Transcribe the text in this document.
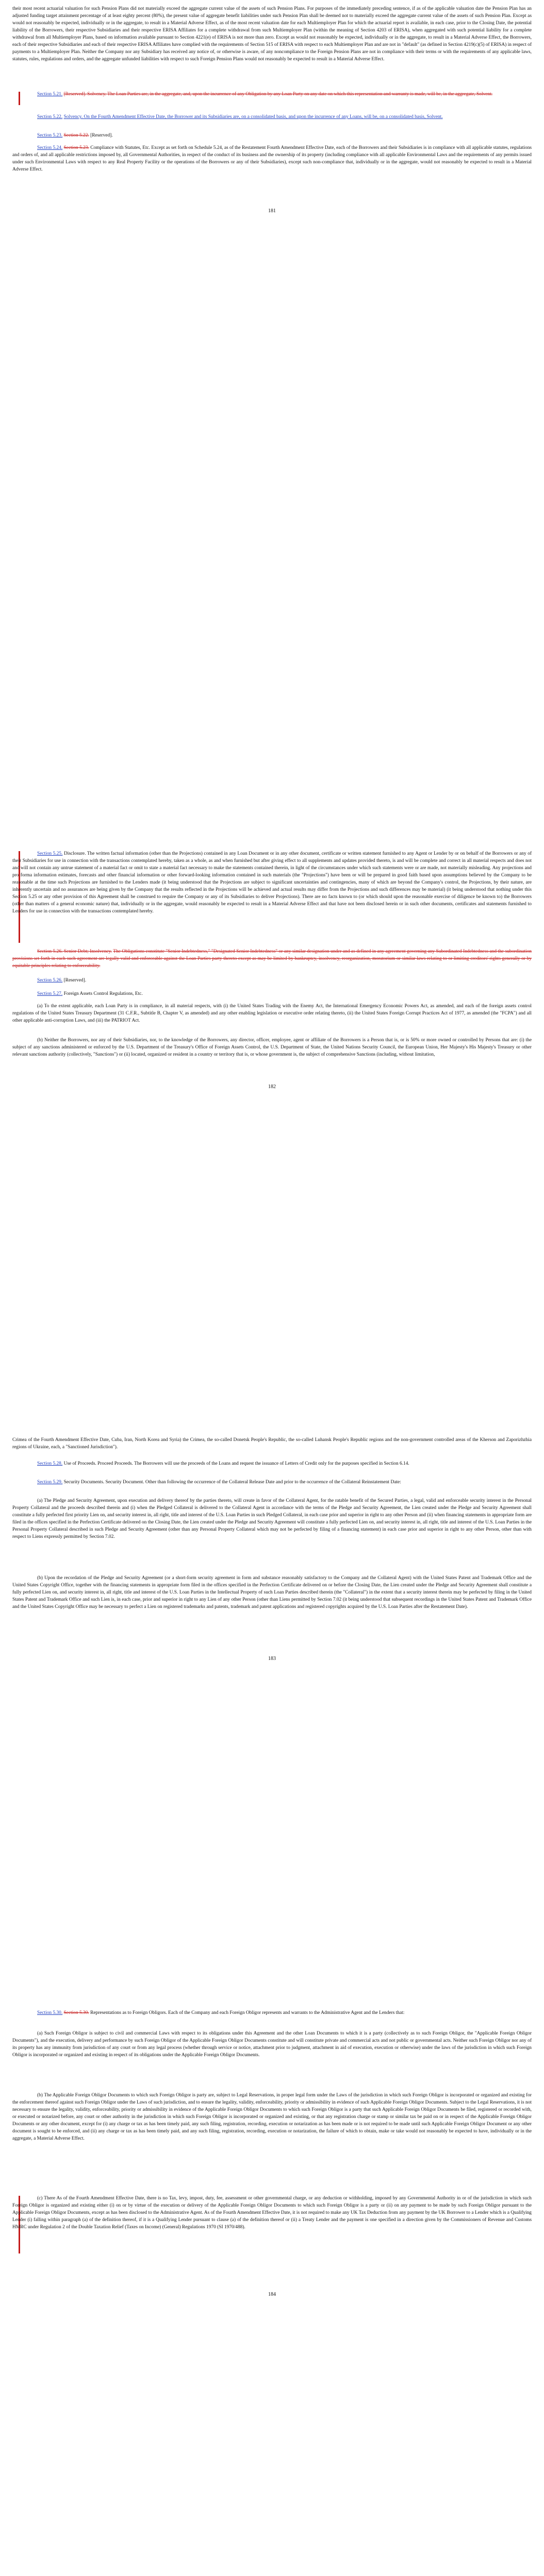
their most recent actuarial valuation for such Pension Plans did not materially exceed the aggregate current value of the assets of such Pension Plans. For purposes of the immediately preceding sentence, if as of the applicable valuation date the Pension Plan has an adjusted funding target attainment percentage of at least eighty percent (80%), the present value of aggregate benefit liabilities under such Pension Plan shall be deemed not to materially exceed the aggregate current value of the assets of such Pension Plan. Except as would not reasonably be expected, individually or in the aggregate, to result in a Material Adverse Effect, as of the most recent valuation date for each Multiemployer Plan for which the actuarial report is available, in each case, prior to the Closing Date, the potential liability of the Borrowers, their respective Subsidiaries and their respective ERISA Affiliates for a complete withdrawal from such Multiemployer Plan (within the meaning of Section 4203 of ERISA), when aggregated with such potential liability for a complete withdrawal from all Multiemployer Plans, based on information available pursuant to Section 4221(e) of ERISA is not more than zero. Except as would not reasonably be expected, individually or in the aggregate, to result in a Material Adverse Effect, the Borrowers, each of their respective Subsidiaries and each of their respective ERISA Affiliates have complied with the requirements of Section 515 of ERISA with respect to each Multiemployer Plan and are not in "default" (as defined in Section 4219(c)(5) of ERISA) in respect of payments to a Multiemployer Plan. Neither the Company nor any Subsidiary has received any notice of, or otherwise is aware, of any noncompliance to the Foreign Pension Plans are not in compliance with their terms or with the requirements of any applicable laws, statutes, rules, regulations and orders, and the aggregate unfunded liabilities with respect to such Foreign Pension Plans would not reasonably be expected to result in a Material Adverse Effect.

Section 5.21. [Reserved]. Solvency. The Loan Parties are, in the aggregate, and, upon the incurrence of any Obligation by any Loan Party on any date on which this representation and warranty is made, will be, in the aggregate, Solvent.

Section 5.22. Solvency. On the Fourth Amendment Effective Date, the Borrower and its Subsidiaries are, on a consolidated basis, and upon the incurrence of any Loans, will be, on a consolidated basis, Solvent.

Section 5.23. Section 5.22. [Reserved].

Section 5.24. Section 5.23. Compliance with Statutes, Etc. Except as set forth on Schedule 5.24, as of the Restatement Fourth Amendment Effective Date, each of the Borrowers and their Subsidiaries is in compliance with all applicable statutes, regulations and orders of, and all applicable restrictions imposed by, all Governmental Authorities, in respect of the conduct of its business and the ownership of its property (including compliance with all applicable Environmental Laws and the requirements of any permits issued under such Environmental Laws with respect to any Real Property Facility or the operations of the Borrowers or any of their Subsidiaries), except such non-compliance that, individually or in the aggregate, would not reasonably be expected to result in a Material Adverse Effect.

181

Section 5.25. Disclosure. The written factual information (other than the Projections) contained in any Loan Document or in any other document, certificate or written statement furnished to any Agent or Lender by or on behalf of the Borrowers or any of their Subsidiaries for use in connection with the transactions contemplated hereby, taken as a whole, as and when furnished but after giving effect to all supplements and updates provided thereto, is and will be complete and correct in all material respects and does not and will not contain any untrue statement of a material fact or omit to state a material fact necessary to make the statements contained therein, in light of the circumstances under which such statements were or are made, not materially misleading. Any projections and pro forma information estimates, forecasts and other financial information or other forward-looking information contained in such materials (the "Projections") have been or will be prepared in good faith based upon assumptions believed by the Company to be reasonable at the time such Projections are furnished to the Lenders made (it being understood that the Projections are subject to significant uncertainties and contingencies, many of which are beyond the Company's control, the Projections, by their nature, are inherently uncertain and no assurances are being given by the Company that the results reflected in the Projections will be achieved and actual results may differ from the Projections and such differences may be material) (it being understood that nothing under this Section 5.25 or any other provision of this Agreement shall be construed to require the Company or any of its Subsidiaries to deliver Projections). There are no facts known to (or which should upon the reasonable exercise of diligence be known to) the Borrowers (other than matters of a general economic nature) that, individually or in the aggregate, would reasonably be expected to result in a Material Adverse Effect and that have not been disclosed herein or in such other documents, certificates and statements furnished to Lenders for use in connection with the transactions contemplated hereby.

Section 5.26. Senior Debt; Insolvency. The Obligations constitute "Senior Indebtedness," "Designated Senior Indebtedness" or any similar designation under and as defined in any agreement governing any Subordinated Indebtedness and the subordination provisions set forth in each such agreement are legally valid and enforceable against the Loan Parties party thereto except as may be limited by bankruptcy, insolvency, reorganization, moratorium or similar laws relating to or limiting creditors' rights generally or by equitable principles relating to enforceability.

Section 5.26. [Reserved].

Section 5.27. Foreign Assets Control Regulations, Etc.

(a) To the extent applicable, each Loan Party is in compliance, in all material respects, with (i) the United States Trading with the Enemy Act, the International Emergency Economic Powers Act, as amended, and each of the foreign assets control regulations of the United States Treasury Department (31 C.F.R., Subtitle B, Chapter V, as amended) and any other enabling legislation or executive order relating thereto, (ii) the United States Foreign Corrupt Practices Act of 1977, as amended (the "FCPA") and all other applicable anti-corruption Laws, and (iii) the PATRIOT Act.

(b) Neither the Borrowers, nor any of their Subsidiaries, nor, to the knowledge of the Borrowers, any director, officer, employee, agent or affiliate of the Borrowers is a Person that is, or is 50% or more owned or controlled by Persons that are: (i) the subject of any sanctions administered or enforced by the U.S. Department of the Treasury's Office of Foreign Assets Control, the U.S. Department of State, the United Nations Security Council, the European Union, Her Majesty's His Majesty's Treasury or other relevant sanctions authority (collectively, "Sanctions") or (ii) located, organized or resident in a country or territory that is, or whose government is, the subject of comprehensive Sanctions (including, without limitation,

182

Crimea of the Fourth Amendment Effective Date, Cuba, Iran, North Korea and Syria) the Crimea, the so-called Donetsk People's Republic, the so-called Luhansk People's Republic regions and the non-government controlled areas of the Kherson and Zaporizhzhia regions of Ukraine, each, a "Sanctioned Jurisdiction").

Section 5.28. Use of Proceeds. Proceed Proceeds. The Borrowers will use the proceeds of the Loans and request the issuance of Letters of Credit only for the purposes specified in Section 6.14.

Section 5.29. Security Documents. Security Document. Other than following the occurrence of the Collateral Release Date and prior to the occurrence of the Collateral Reinstatement Date:

(a) The Pledge and Security Agreement, upon execution and delivery thereof by the parties thereto, will create in favor of the Collateral Agent, for the ratable benefit of the Secured Parties, a legal, valid and enforceable security interest in the Personal Property Collateral and the proceeds described therein and (i) when the Pledged Collateral is delivered to the Collateral Agent in accordance with the terms of the Pledge and Security Agreement, the Lien created under the Pledge and Security Agreement shall constitute a fully perfected first priority Lien on, and security interest in, all right, title and interest of the U.S. Loan Parties in such Pledged Collateral, in each case prior and superior in right to any other Person and (ii) when financing statements in appropriate form are filed in the offices specified in the Perfection Certificate delivered on the Closing Date, the Lien created under the Pledge and Security Agreement will constitute a fully perfected Lien on, and security interest in, all right, title and interest of the U.S. Loan Parties in the Personal Property Collateral described in such Pledge and Security Agreement (other than any Personal Property Collateral which may not be perfected by filing of a financing statement) in each case prior and superior in right to any other Person, other than with respect to Liens expressly permitted by Section 7.02.

(b) Upon the recordation of the Pledge and Security Agreement (or a short-form security agreement in form and substance reasonably satisfactory to the Company and the Collateral Agent) with the United States Patent and Trademark Office and the United States Copyright Office, together with the financing statements in appropriate form filed in the offices specified in the Perfection Certificate delivered on or before the Closing Date, the Lien created under the Pledge and Security Agreement shall constitute a fully perfected Lien on, and security interest in, all right, title and interest of the U.S. Loan Parties in the Intellectual Property of such Loan Parties described therein (the "Collateral") in the extent that a security interest therein may be perfected by filing in the United States Patent and Trademark Office and such Lien is, in each case, prior and superior in right to any Lien of any other Person (other than Liens permitted by Section 7.02 (it being understood that subsequent recordings in the United States Patent and Trademark Office and the United States Copyright Office may be necessary to perfect a Lien on registered trademarks and patents, trademark and patent applications and registered copyrights acquired by the U.S. Loan Parties after the Restatement Date).

183

Section 5.30. Section 5.30. Representations as to Foreign Obligors. Each of the Company and each Foreign Obligor represents and warrants to the Administrative Agent and the Lenders that:

(a) Such Foreign Obligor is subject to civil and commercial Laws with respect to its obligations under this Agreement and the other Loan Documents to which it is a party (collectively as to such Foreign Obligor, the "Applicable Foreign Obligor Documents"), and the execution, delivery and performance by such Foreign Obligor of the Applicable Foreign Obligor Documents constitute and will constitute private and commercial acts and not public or governmental acts. Neither such Foreign Obligor nor any of its property has any immunity from jurisdiction of any court or from any legal process (whether through service or notice, attachment prior to judgment, attachment in aid of execution, execution or otherwise) under the laws of the jurisdiction in which such Foreign Obligor is incorporated or organized and existing in respect of its obligations under the Applicable Foreign Obligor Documents.

(b) The Applicable Foreign Obligor Documents to which such Foreign Obligor is party are, subject to Legal Reservations, in proper legal form under the Laws of the jurisdiction in which such Foreign Obligor is incorporated or organized and existing for the enforcement thereof against such Foreign Obligor under the Laws of such jurisdiction, and to ensure the legality, validity, enforceability, priority or admissibility in evidence of such Applicable Foreign Obligor Documents. Subject to the Legal Reservations, it is not necessary to ensure the legality, validity, enforceability, priority or admissibility in evidence of the Applicable Foreign Obligor Documents to which such Foreign Obligor is a party that such Applicable Foreign Obligor Documents be filed, registered or recorded with, or executed or notarized before, any court or other authority in the jurisdiction in which such Foreign Obligor is incorporated or organized and existing, or that any registration charge or stamp or similar tax be paid on or in respect of the Applicable Foreign Obligor Documents or any other document, except for (i) any charge or tax as has been timely paid, any such filing, registration, recording, execution or notarization as has been made or is not required to be made until such Applicable Foreign Obligor Document or any other document is sought to be enforced, and (ii) any charge or tax as has been timely paid, and any such filing, registration, recording, execution or notarization, the failure of which to obtain, make or take would not reasonably be expected to have, individually or in the aggregate, a Material Adverse Effect.

(c) There As of the Fourth Amendment Effective Date, there is no Tax, levy, impost, duty, fee, assessment or other governmental charge, or any deduction or withholding, imposed by any Governmental Authority in or of the jurisdiction in which such Foreign Obligor is organized and existing either (i) on or by virtue of the execution or delivery of the Applicable Foreign Obligor Documents to which such Foreign Obligor is a party or (ii) on any payment to be made by such Foreign Obligor pursuant to the Applicable Foreign Obligor Documents, except as has been disclosed to the Administrative Agent. As of the Fourth Amendment Effective Date, it is not required to make any UK Tax Deduction from any payment by the UK Borrower to a Lender which is a Qualifying Lender (i) falling within paragraph (a) of the definition thereof, if it is a Qualifying Lender pursuant to clause (a) of the definition thereof or (ii) a Treaty Lender and the payment is one specified in a direction given by the Commissioners of Revenue and Customs HMRC under Regulation 2 of the Double Taxation Relief (Taxes on Income) (General) Regulations 1970 (SI 1970/488).

184
